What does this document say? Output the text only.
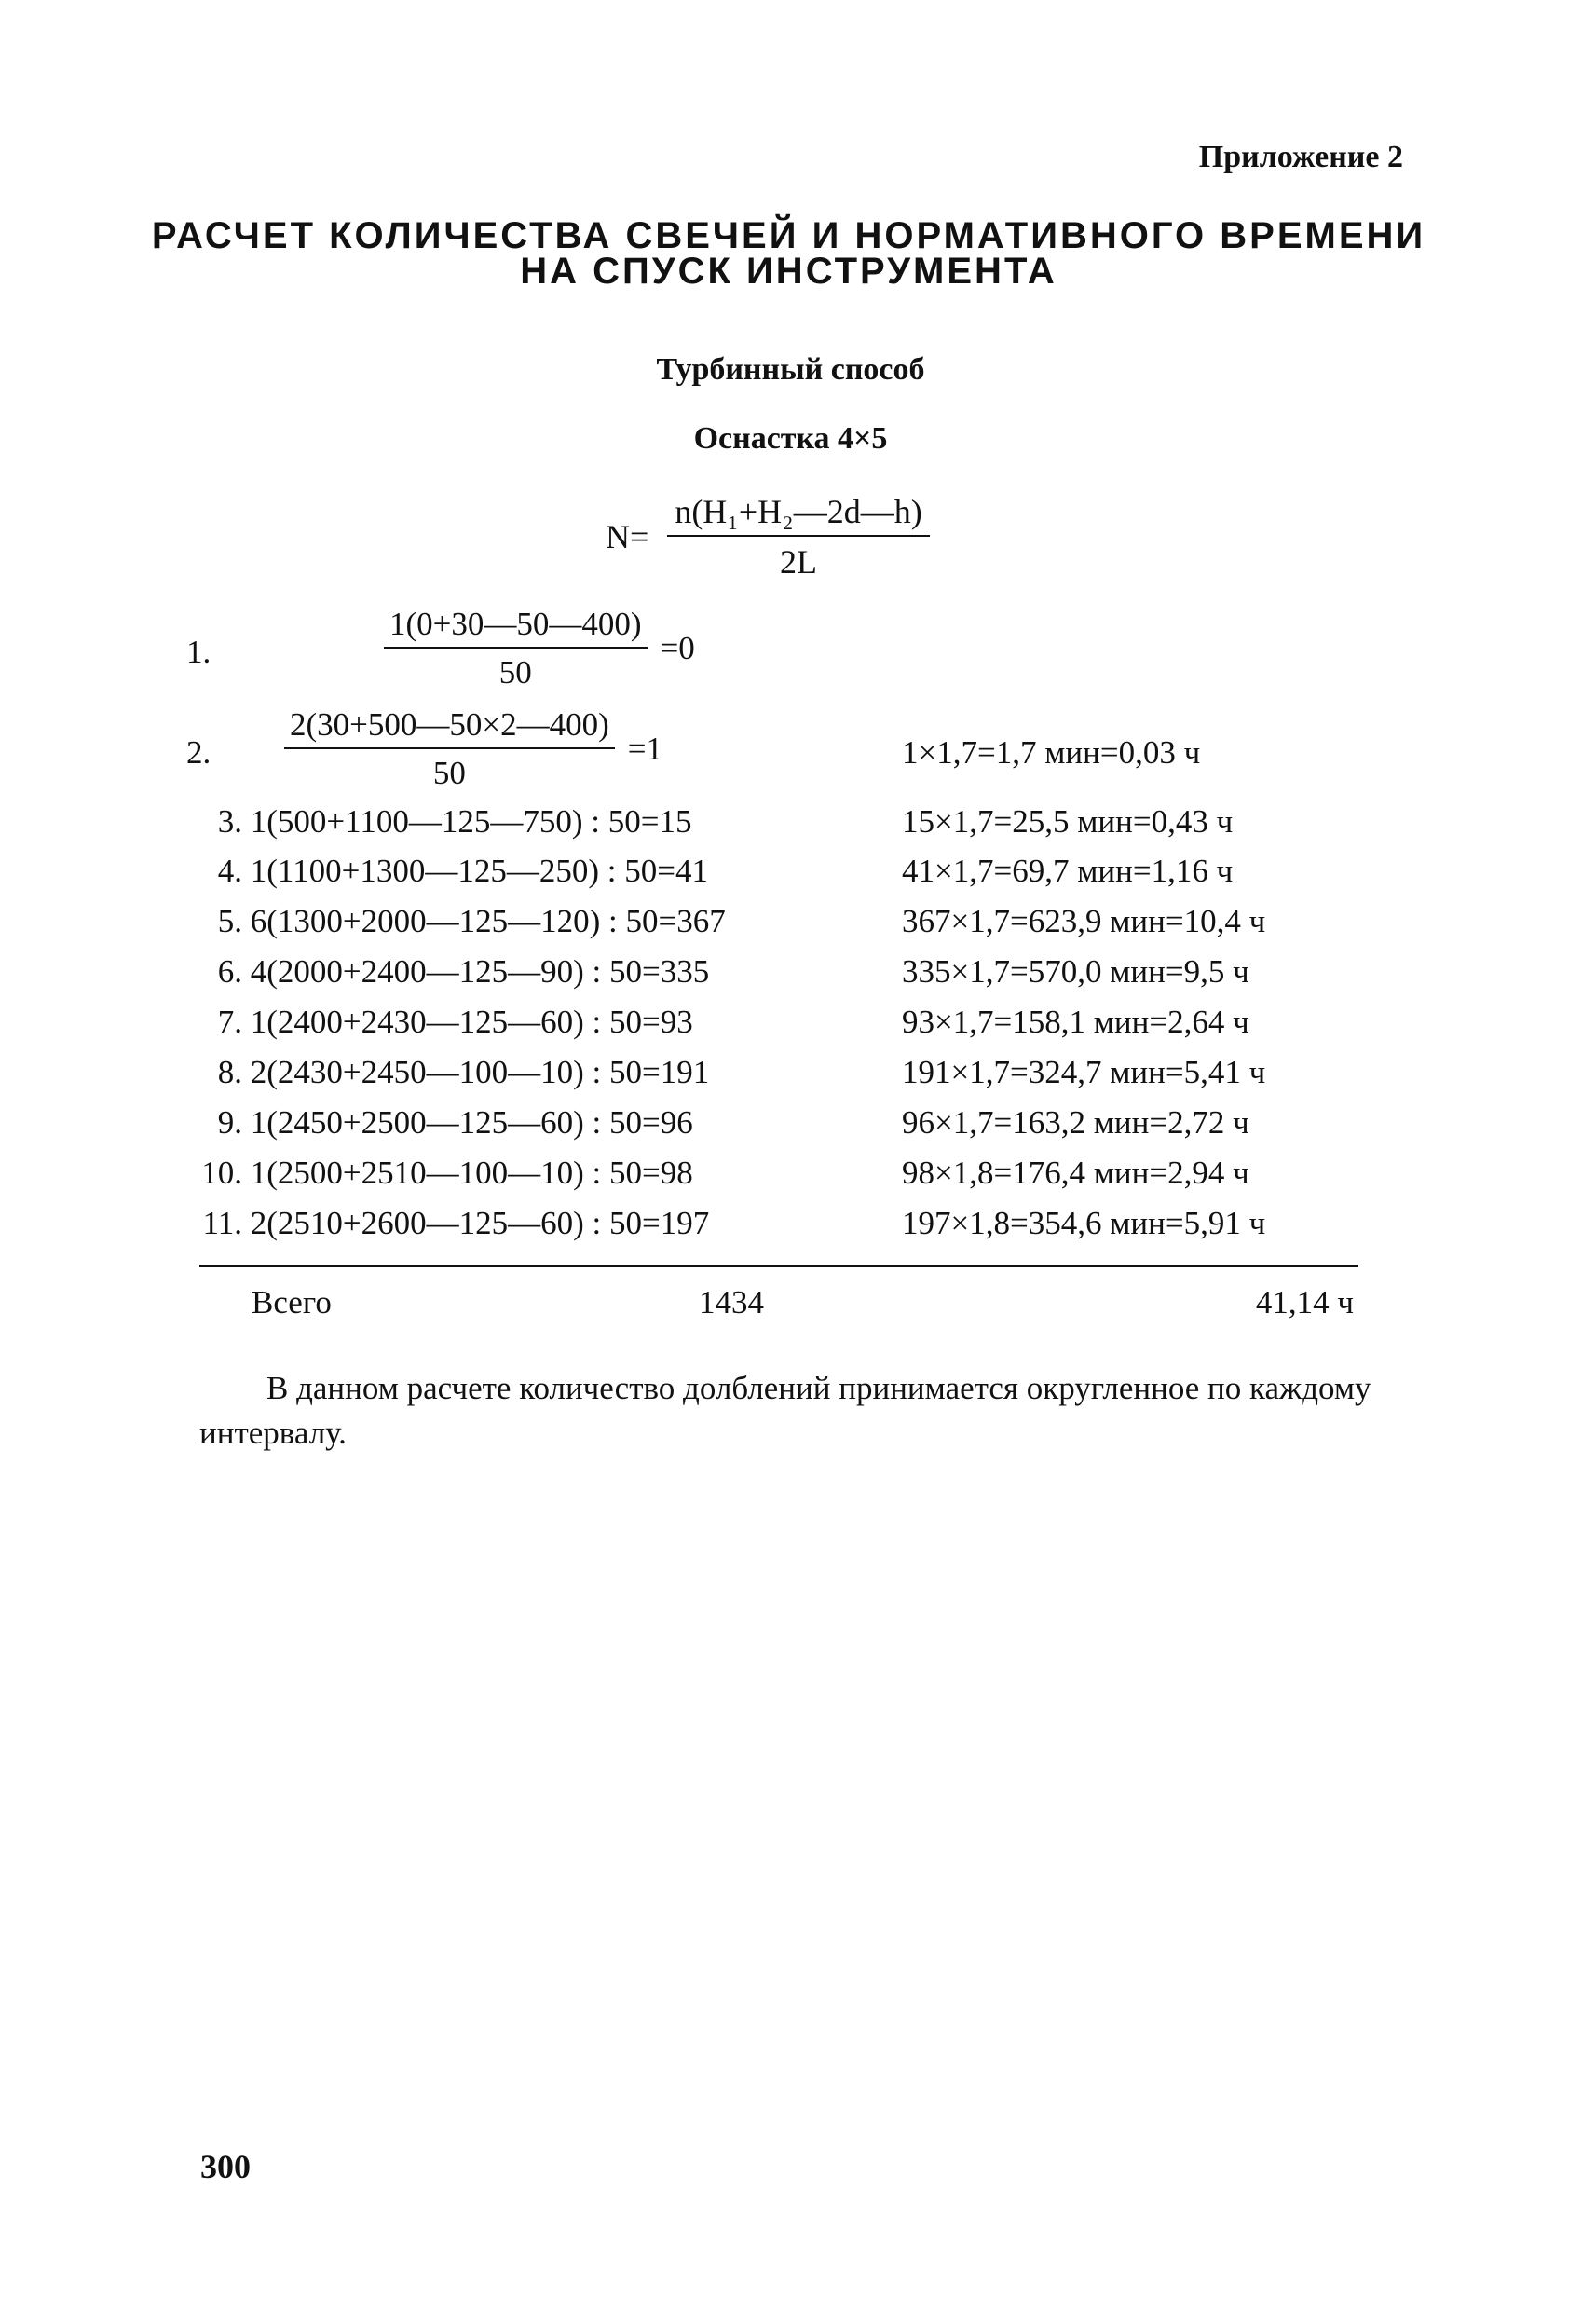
Приложение 2
РАСЧЕТ КОЛИЧЕСТВА СВЕЧЕЙ И НОРМАТИВНОГО ВРЕМЕНИ
НА СПУСК ИНСТРУМЕНТА
Турбинный способ
Оснастка 4×5
$N= \frac{\text{n(H₁+H₂—2d—h)}}{2L}$
1.	$\frac{1(0+30—50—400)}{50} =0$
2.	$\frac{2(30+500—50\times 2—400)}{50} =1$	1×1,7=1,7 мин=0,03 ч
3. 1(500+1100—125—750) : 50=15	15×1,7=25,5 мин=0,43 ч
4. 1(1100+1300—125—250) : 50=41	41×1,7=69,7 мин=1,16 ч
5. 6(1300+2000—125—120) : 50=367	367×1,7=623,9 мин=10,4 ч
6. 4(2000+2400—125—90) : 50=335	335×1,7=570,0 мин=9,5 ч
7. 1(2400+2430—125—60) : 50=93	93×1,7=158,1 мин=2,64 ч
8. 2(2430+2450—100—10) : 50=191	191×1,7=324,7 мин=5,41 ч
9. 1(2450+2500—125—60) : 50=96	96×1,7=163,2 мин=2,72 ч
10. 1(2500+2510—100—10) : 50=98	98×1,8=176,4 мин=2,94 ч
11. 2(2510+2600—125—60) : 50=197	197×1,8=354,6 мин=5,91 ч
Всего	1434	41,14 ч
В данном расчете количество долблений принимается округленное по каждому интервалу.
300
